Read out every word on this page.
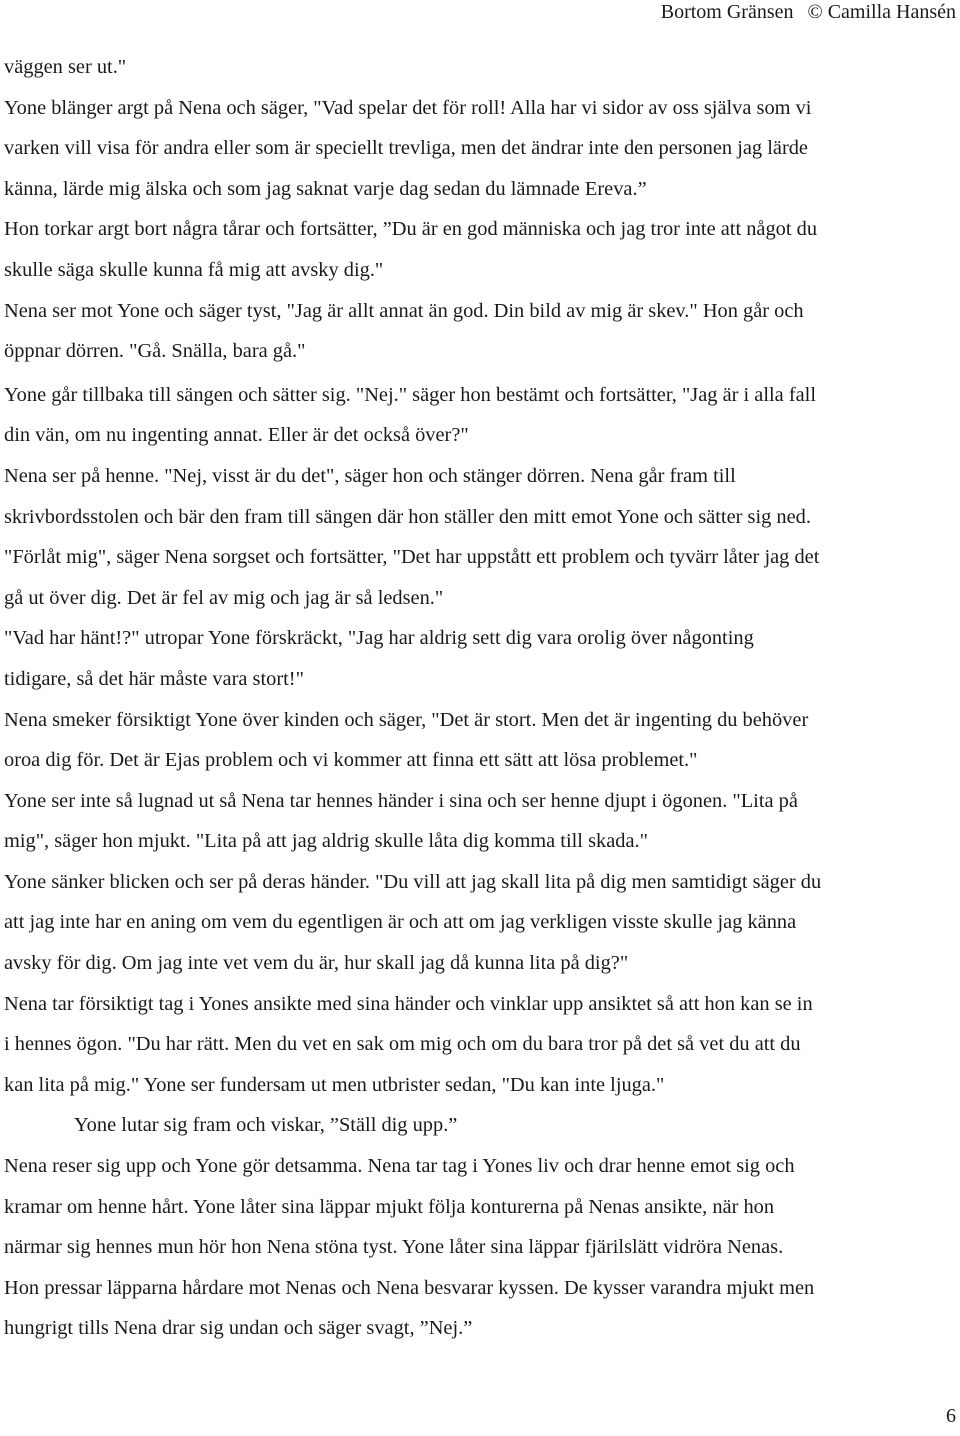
Bortom Gränsen © Camilla Hansén

väggen ser ut."

Yone blänger argt på Nena och säger, "Vad spelar det för roll! Alla har vi sidor av oss själva som vi
varken vill visa för andra eller som är speciellt trevliga, men det ändrar inte den personen jag lärde
känna, lärde mig älska och som jag saknat varje dag sedan du lämnade Ereva.”

Hon torkar argt bort några tårar och fortsätter, ”Du är en god människa och jag tror inte att något du
skulle säga skulle kunna få mig att avsky dig."

Nena ser mot Yone och säger tyst, "Jag är allt annat än god. Din bild av mig är skev." Hon går och
öppnar dörren. "Gå. Snälla, bara gå."

Yone går tillbaka till sängen och sätter sig. "Nej." säger hon bestämt och fortsätter, "Jag är i alla fall
din vän, om nu ingenting annat. Eller är det också över?"

Nena ser på henne. "Nej, visst är du det", säger hon och stänger dörren. Nena går fram till
skrivbordsstolen och bär den fram till sängen där hon ställer den mitt emot Yone och sätter sig ned.

"Förlåt mig", säger Nena sorgset och fortsätter, "Det har uppstått ett problem och tyvärr låter jag det
gå ut över dig. Det är fel av mig och jag är så ledsen."

"Vad har hänt!?" utropar Yone förskräckt, "Jag har aldrig sett dig vara orolig över någonting
tidigare, så det här måste vara stort!"

Nena smeker försiktigt Yone över kinden och säger, "Det är stort. Men det är ingenting du behöver
oroa dig för. Det är Ejas problem och vi kommer att finna ett sätt att lösa problemet."

Yone ser inte så lugnad ut så Nena tar hennes händer i sina och ser henne djupt i ögonen. "Lita på
mig", säger hon mjukt. "Lita på att jag aldrig skulle låta dig komma till skada."

Yone sänker blicken och ser på deras händer. "Du vill att jag skall lita på dig men samtidigt säger du
att jag inte har en aning om vem du egentligen är och att om jag verkligen visste skulle jag känna
avsky för dig. Om jag inte vet vem du är, hur skall jag då kunna lita på dig?"

Nena tar försiktigt tag i Yones ansikte med sina händer och vinklar upp ansiktet så att hon kan se in
i hennes ögon. "Du har rätt. Men du vet en sak om mig och om du bara tror på det så vet du att du
kan lita på mig." Yone ser fundersam ut men utbrister sedan, "Du kan inte ljuga."

Yone lutar sig fram och viskar, ”Ställ dig upp.”

Nena reser sig upp och Yone gör detsamma. Nena tar tag i Yones liv och drar henne emot sig och
kramar om henne hårt. Yone låter sina läppar mjukt följa konturerna på Nenas ansikte, när hon
närmar sig hennes mun hör hon Nena stöna tyst. Yone låter sina läppar fjärilslätt vidröra Nenas.

Hon pressar läpparna hårdare mot Nenas och Nena besvarar kyssen. De kysser varandra mjukt men
hungrigt tills Nena drar sig undan och säger svagt, ”Nej.”

6
